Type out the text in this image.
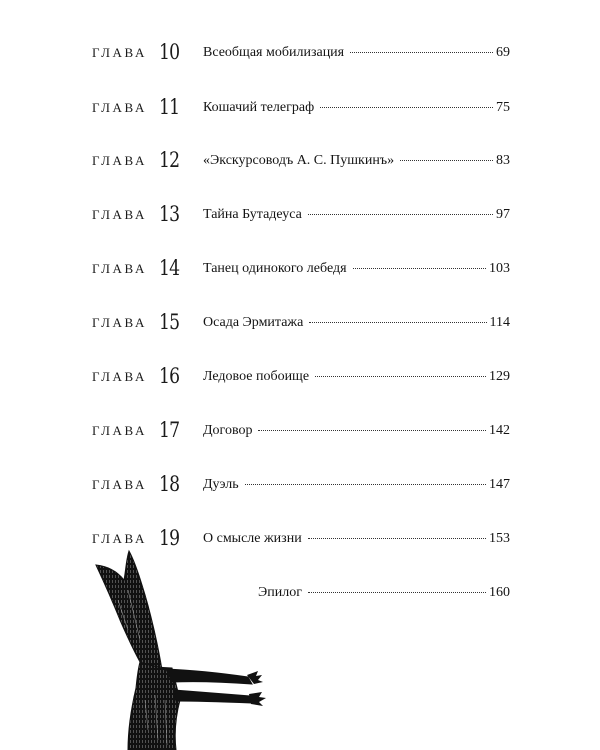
ГЛАВА 10 Всеобщая мобилизация	69
ГЛАВА 11 Кошачий телеграф	75
ГЛАВА 12 «Экскурсоводъ А. С. Пушкинъ»	83
ГЛАВА 13 Тайна Бутадеуса	97
ГЛАВА 14 Танец одинокого лебедя	103
ГЛАВА 15 Осада Эрмитажа	114
ГЛАВА 16 Ледовое побоище	129
ГЛАВА 17 Договор	142
ГЛАВА 18 Дуэль	147
ГЛАВА 19 О смысле жизни	153
Эпилог	160
